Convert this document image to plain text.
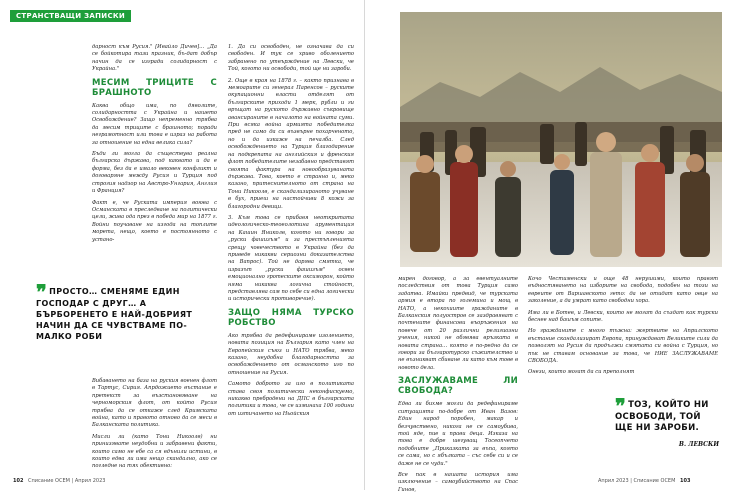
СТРАНСТВАЩИ ЗАПИСКИ

дарност към Русия." [Ивайло Дичев]… „Да се бойкотира тази празник, бъ-дат добър начин да се изгради солидарност с Украйна."

МЕСИМ ТРИЦИТЕ С БРАШНОТО

Каква общо има, по дяволите, солидарността с Украйна и нашето Освобождение? Защо непременно трябва да месим трицитe с брашното; поради неграмотност или това е израз на работа за отношение на една велика сила?

Бъди ли могла да съществува реална българска държава, под каквато и да е форма, без да е имало вековен конфликт и договаряне между Русия и Турция под строгия надзор на Австро-Унгария, Англия и Франция?

Факт е, че Руската империя воюва с Османската в преследване на политически цели, жива ода през в победа мир на 1877 г. Войни поучаване на изгода на топлите морета, нещо, което е постоянното с устано-

❞ ПРОСТО… СМЕНЯМЕ ЕДИН ГОСПОДАР С ДРУГ… А БЪРБОРЕНЕТО Е НАЙ-ДОБРИЯТ НАЧИН ДА СЕ ЧУВСТВАМЕ ПО-МАЛКО РОБИ

Вибаването на база на руския военен флот в Тартус, Сирия. Апрдожието въстание е претекст за възстановяване на черноморския флот, от който Русия трябва да се откаже след Кримската война, като и правото отново да се меси в Балканската политика.

Мисли ли (като Тони Никоолв) ни принизявате неудобни и забравени факти, които само не ебе са ся вдънили истини, в които едва ли има нещо скандално, ако се погледне на тях обективно:

1. Да си освободен, не означава да си свободен. И тук се хриво оболението забранено по утвърждение на Левски, че Той, когото ни освободи, той ще ни зароби.

2. Още в края на 1878 г. – както признава в мемоарите си генерал Паренсов – руските окупационни власти отделят от българските приходи 1 мерк, рубли и ги връщат на руското държавно съкровище авансираните в началото на войната суми. При всяка война армията победителка пред не само да си възвърне похарченото, но и да изкаже на печалба. След освобождението на Турция благодарение на подкрепата на английския и френския флот победителите незабавно представят своята фактура на новообразуваната държава. Това, което е странно и, меко казано, притеснителното от страна на Тони Никоолв, е скандализираното учуване в бух, приеш на настойчиви 8 кожи за благородни девици.

3. Към това се прибавя неоткритата идеологическо-теоеолотина арументация на Кашин Яниколв, когото ни говори за „руски фашизъм" и за престъпленията срещу човечеството в Украйна (без да приведе никакви сериозни доказателства на Вапрос). Той не дарява смятка, че изразът „руски фашизъм" освен емоционално гротеските оксиморон, който няма никаква логичнa стойност, представлява сам по себе си една логически и исторически противоречие).

ЗАЩО НЯМА ТУРСКО РОБСТВО

Ако трябва да редефинираме изолението, новата позиция на България като член на Европейския съюз и НАТО трябва, меко казано, неудобна благодарността за освобождението от османското иго по отношение на Русия.

Самото доброто за иго в политиката става своя политически неконфискуемо, никакво пребродени на ДПС в българската политика и това, че се изминаха 100 години от изтичането на Ньойския

102 Списание ОСЕМ | Април 2023

мирен договор, а за евентуалните последствия от това Турция само задатва. Имайки предвид, че турската армия е втора по големина и мощ в НАТО, а некохиите гражданите в Балканския полуостров се заздравяват с почтените финансови въоръжения на повече от 20 различни религиозни учения, никой не обявява връзката в новата страна… която е по-редно да се говори за българотурско съжителство и не възникват сбиване ли като към тове в новото дела.

ЗАСЛУЖАВАМЕ ЛИ СВОБОДА?

Едва ли бихме могли да редефинираме ситуацията по-добре от Иван Вазов: Един народ поробен, макар и безчувствено, никога не се самоубива, той яде, пие и прави деца. Изказа на това е добре шегуващ Тосеопчето подобните „Приказката за въпа, която се сама, но с ябълката – със себе си и се даже не се чуди."

Все пак в нашата история има изключение – самоубийството на Спас Гинов,

Кочо Честименски и още 48 нерушими, които правят въдностяването на изборите на свобода, подобен на този на евреите от Варшавското гето: да не отидат като овце на заколение, а да умрат като свободни хора.

Има ли в Ботев, и Левски, които не могат да създат как турски беснее над башъм сопите.

Но гражданите с много тъжна: жертвите на Априлското въстание скандализират Европа, принуждават Великите сили да позволят на Русия да продължи смятата си война с Турция, но пък не ставам основание за това, че НИЕ ЗАСЛУЖАВАМЕ СВОБОДА.

Онези, които могат да си преполнят

❞ ТОЗ, КОЙТО НИ ОСВОБОДИ, ТОЙ ЩЕ НИ ЗАРОБИ.
В. ЛЕВСКИ
Април 2023 | Списание ОСЕМ 103
